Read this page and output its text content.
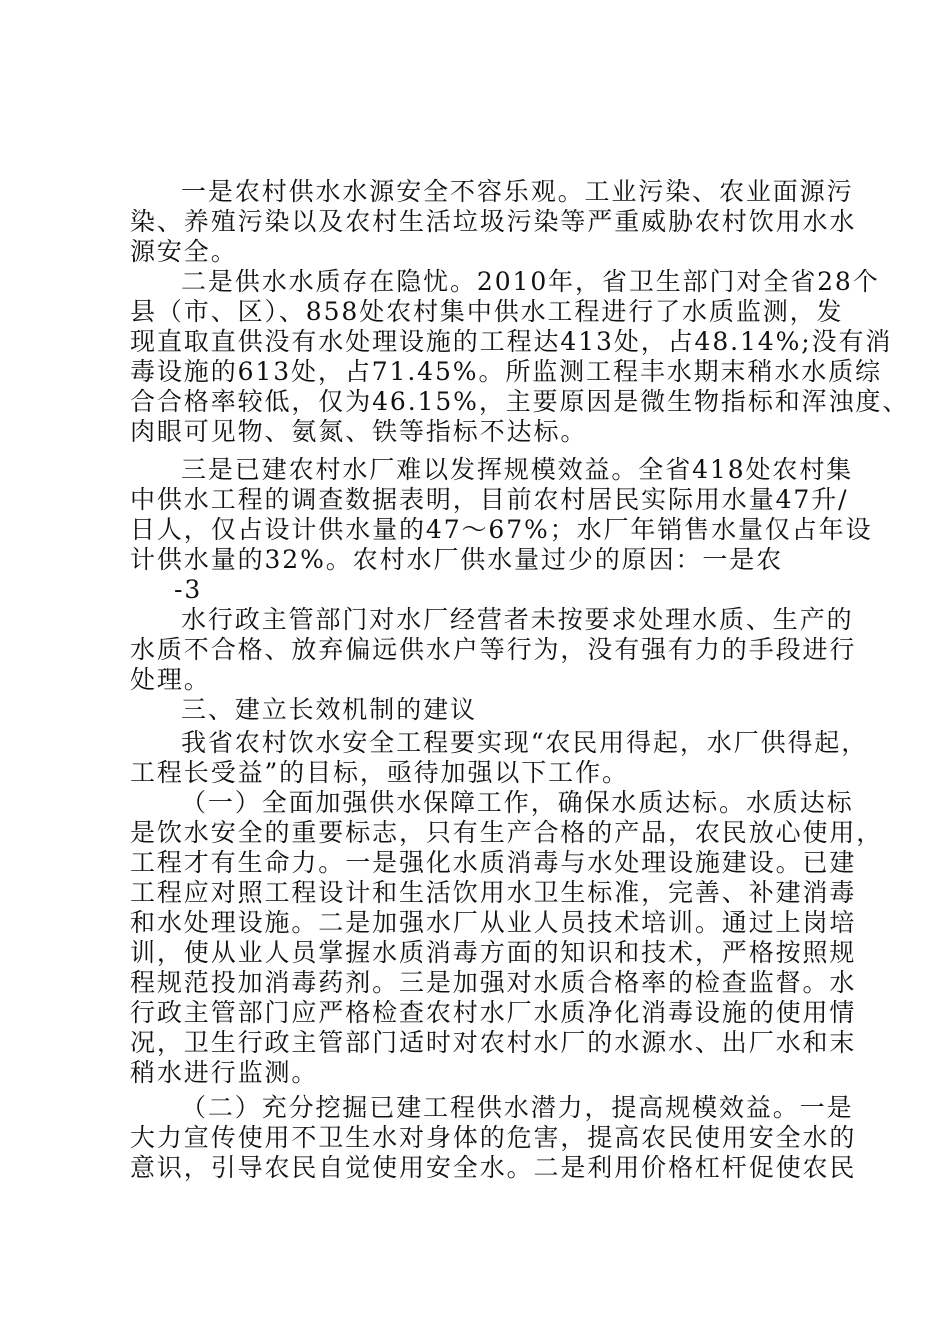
一是农村供水水源安全不容乐观。工业污染、农业面源污
染、养殖污染以及农村生活垃圾污染等严重威胁农村饮用水水
源安全。
二是供水水质存在隐忧。2010年，省卫生部门对全省28个
县（市、区）、858处农村集中供水工程进行了水质监测，发
现直取直供没有水处理设施的工程达413处，占48.14%;没有消
毒设施的613处，占71.45%。所监测工程丰水期末稍水水质综
合合格率较低，仅为46.15%，主要原因是微生物指标和浑浊度、
肉眼可见物、氨氮、铁等指标不达标。
三是已建农村水厂难以发挥规模效益。全省418处农村集
中供水工程的调查数据表明，目前农村居民实际用水量47升/
日人，仅占设计供水量的47～67%；水厂年销售水量仅占年设
计供水量的32%。农村水厂供水量过少的原因：一是农
-3
水行政主管部门对水厂经营者未按要求处理水质、生产的
水质不合格、放弃偏远供水户等行为，没有强有力的手段进行
处理。
三、建立长效机制的建议
我省农村饮水安全工程要实现“农民用得起，水厂供得起，
工程长受益”的目标，亟待加强以下工作。
（一）全面加强供水保障工作，确保水质达标。水质达标
是饮水安全的重要标志，只有生产合格的产品，农民放心使用，
工程才有生命力。一是强化水质消毒与水处理设施建设。已建
工程应对照工程设计和生活饮用水卫生标准，完善、补建消毒
和水处理设施。二是加强水厂从业人员技术培训。通过上岗培
训，使从业人员掌握水质消毒方面的知识和技术，严格按照规
程规范投加消毒药剂。三是加强对水质合格率的检查监督。水
行政主管部门应严格检查农村水厂水质净化消毒设施的使用情
况，卫生行政主管部门适时对农村水厂的水源水、出厂水和末
稍水进行监测。
（二）充分挖掘已建工程供水潜力，提高规模效益。一是
大力宣传使用不卫生水对身体的危害，提高农民使用安全水的
意识，引导农民自觉使用安全水。二是利用价格杠杆促使农民
